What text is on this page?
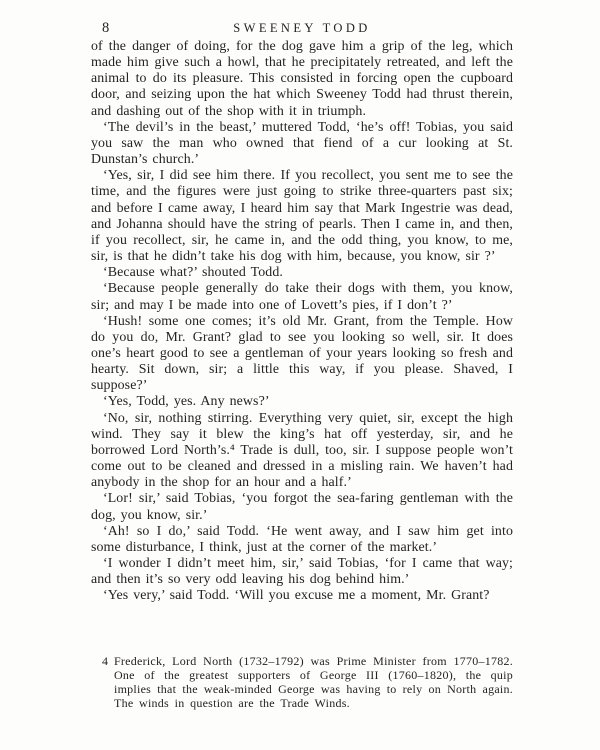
8	SWEENEY TODD

of the danger of doing, for the dog gave him a grip of the leg, which made him give such a howl, that he precipitately retreated, and left the animal to do its pleasure. This consisted in forcing open the cupboard door, and seizing upon the hat which Sweeney Todd had thrust therein, and dashing out of the shop with it in triumph.

‘The devil’s in the beast,’ muttered Todd, ‘he’s off! Tobias, you said you saw the man who owned that fiend of a cur looking at St. Dunstan’s church.’

‘Yes, sir, I did see him there. If you recollect, you sent me to see the time, and the figures were just going to strike three-quarters past six; and before I came away, I heard him say that Mark Ingestrie was dead, and Johanna should have the string of pearls. Then I came in, and then, if you recollect, sir, he came in, and the odd thing, you know, to me, sir, is that he didn’t take his dog with him, because, you know, sir ?’

‘Because what?’ shouted Todd.

‘Because people generally do take their dogs with them, you know, sir; and may I be made into one of Lovett’s pies, if I don’t ?’

‘Hush! some one comes; it’s old Mr. Grant, from the Temple. How do you do, Mr. Grant? glad to see you looking so well, sir. It does one’s heart good to see a gentleman of your years looking so fresh and hearty. Sit down, sir; a little this way, if you please. Shaved, I suppose?’

‘Yes, Todd, yes. Any news?’

‘No, sir, nothing stirring. Everything very quiet, sir, except the high wind. They say it blew the king’s hat off yesterday, sir, and he borrowed Lord North’s.⁴ Trade is dull, too, sir. I suppose people won’t come out to be cleaned and dressed in a misling rain. We haven’t had anybody in the shop for an hour and a half.’

‘Lor! sir,’ said Tobias, ‘you forgot the sea-faring gentleman with the dog, you know, sir.’

‘Ah! so I do,’ said Todd. ‘He went away, and I saw him get into some disturbance, I think, just at the corner of the market.’

‘I wonder I didn’t meet him, sir,’ said Tobias, ‘for I came that way; and then it’s so very odd leaving his dog behind him.’

‘Yes very,’ said Todd. ‘Will you excuse me a moment, Mr. Grant?

4 Frederick, Lord North (1732–1792) was Prime Minister from 1770–1782. One of the greatest supporters of George III (1760–1820), the quip implies that the weak-minded George was having to rely on North again. The winds in question are the Trade Winds.
